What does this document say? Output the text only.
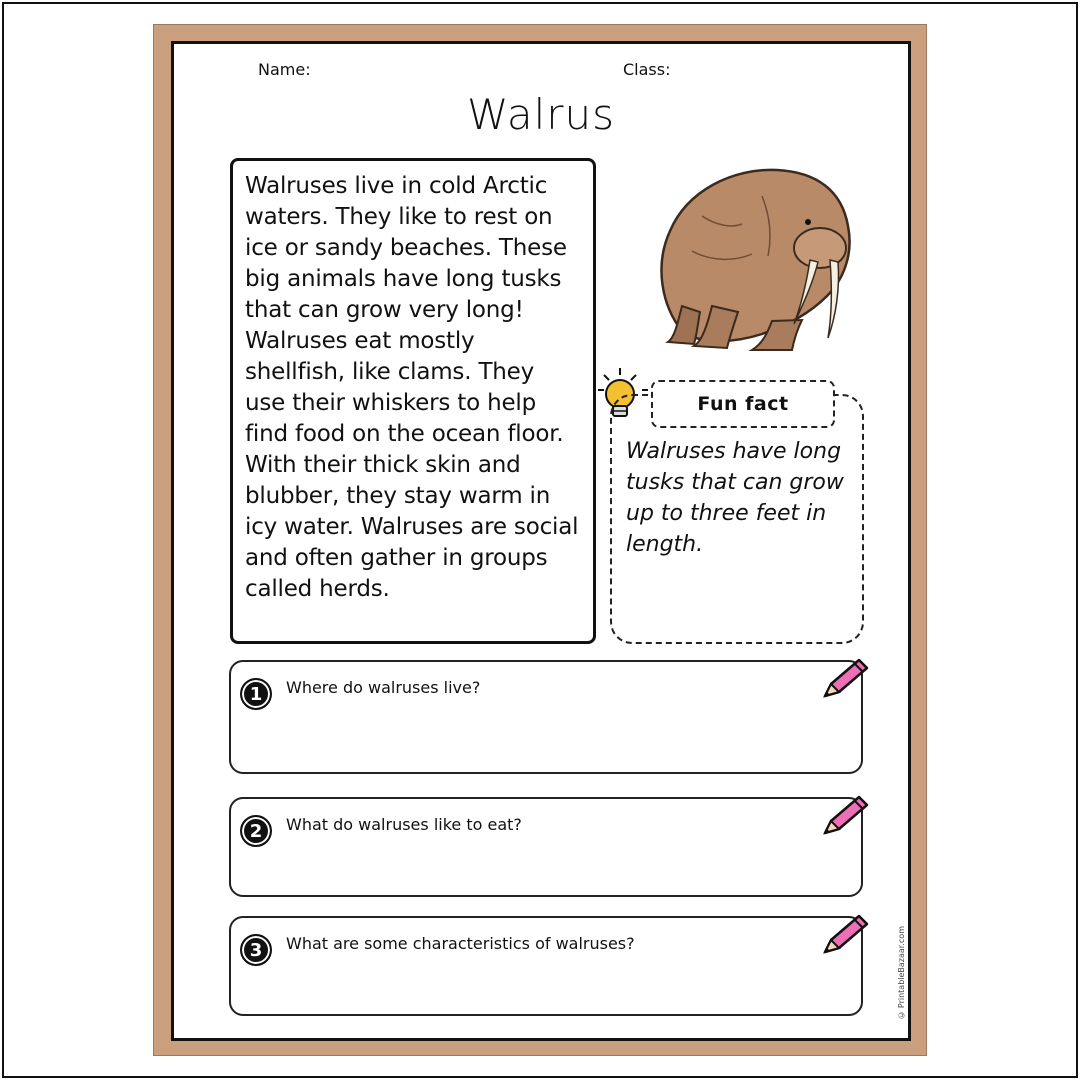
Name:	Class:
Walrus

Walruses live in cold Arctic waters. They like to rest on ice or sandy beaches. These big animals have long tusks that can grow very long! Walruses eat mostly shellfish, like clams. They use their whiskers to help find food on the ocean floor. With their thick skin and blubber, they stay warm in icy water. Walruses are social and often gather in groups called herds.

Walruses have long tusks that can grow up to three feet in length.

Fun fact
1	Where do walruses live?
2	What do walruses like to eat?
3	What are some characteristics of walruses?	© PrintableBazaar.com
